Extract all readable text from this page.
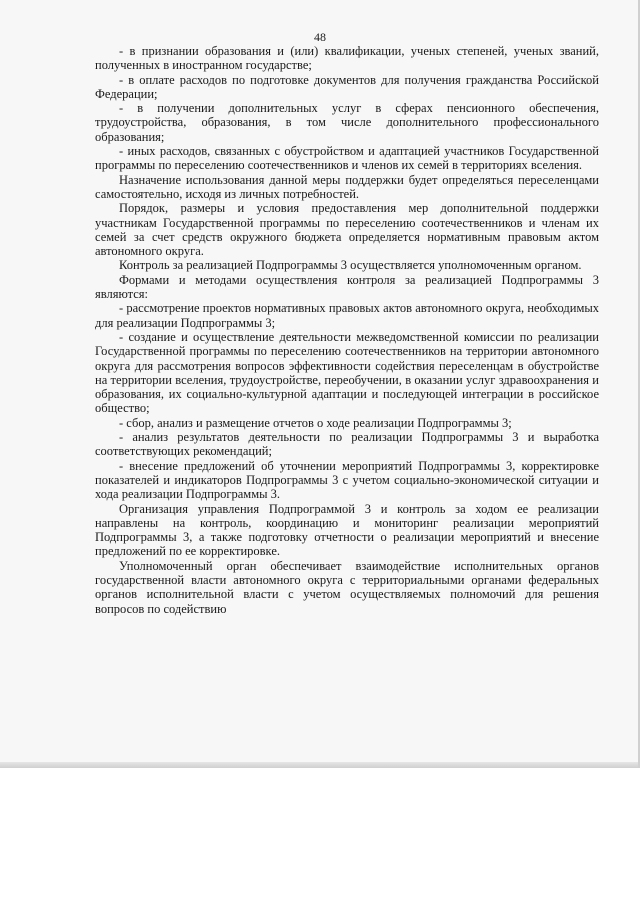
48

- в признании образования и (или) квалификации, ученых степеней, ученых званий, полученных в иностранном государстве;

- в оплате расходов по подготовке документов для получения гражданства Российской Федерации;

- в получении дополнительных услуг в сферах пенсионного обеспечения, трудоустройства, образования, в том числе дополнительного профессионального образования;

- иных расходов, связанных с обустройством и адаптацией участников Государственной программы по переселению соотечественников и членов их семей в территориях вселения.

Назначение использования данной меры поддержки будет определяться переселенцами самостоятельно, исходя из личных потребностей.

Порядок, размеры и условия предоставления мер дополнительной поддержки участникам Государственной программы по переселению соотечественников и членам их семей за счет средств окружного бюджета определяется нормативным правовым актом автономного округа.

Контроль за реализацией Подпрограммы 3 осуществляется уполномоченным органом.

Формами и методами осуществления контроля за реализацией Подпрограммы 3 являются:

- рассмотрение проектов нормативных правовых актов автономного округа, необходимых для реализации Подпрограммы 3;

- создание и осуществление деятельности межведомственной комиссии по реализации Государственной программы по переселению соотечественников на территории автономного округа для рассмотрения вопросов эффективности содействия переселенцам в обустройстве на территории вселения, трудоустройстве, переобучении, в оказании услуг здравоохранения и образования, их социально-культурной адаптации и последующей интеграции в российское общество;

- сбор, анализ и размещение отчетов о ходе реализации Подпрограммы 3;

- анализ результатов деятельности по реализации Подпрограммы 3 и выработка соответствующих рекомендаций;

- внесение предложений об уточнении мероприятий Подпрограммы 3, корректировке показателей и индикаторов Подпрограммы 3 с учетом социально-экономической ситуации и хода реализации Подпрограммы 3.

Организация управления Подпрограммой 3 и контроль за ходом ее реализации направлены на контроль, координацию и мониторинг реализации мероприятий Подпрограммы 3, а также подготовку отчетности о реализации мероприятий и внесение предложений по ее корректировке.

Уполномоченный орган обеспечивает взаимодействие исполнительных органов государственной власти автономного округа с территориальными органами федеральных органов исполнительной власти с учетом осуществляемых полномочий для решения вопросов по содействию
